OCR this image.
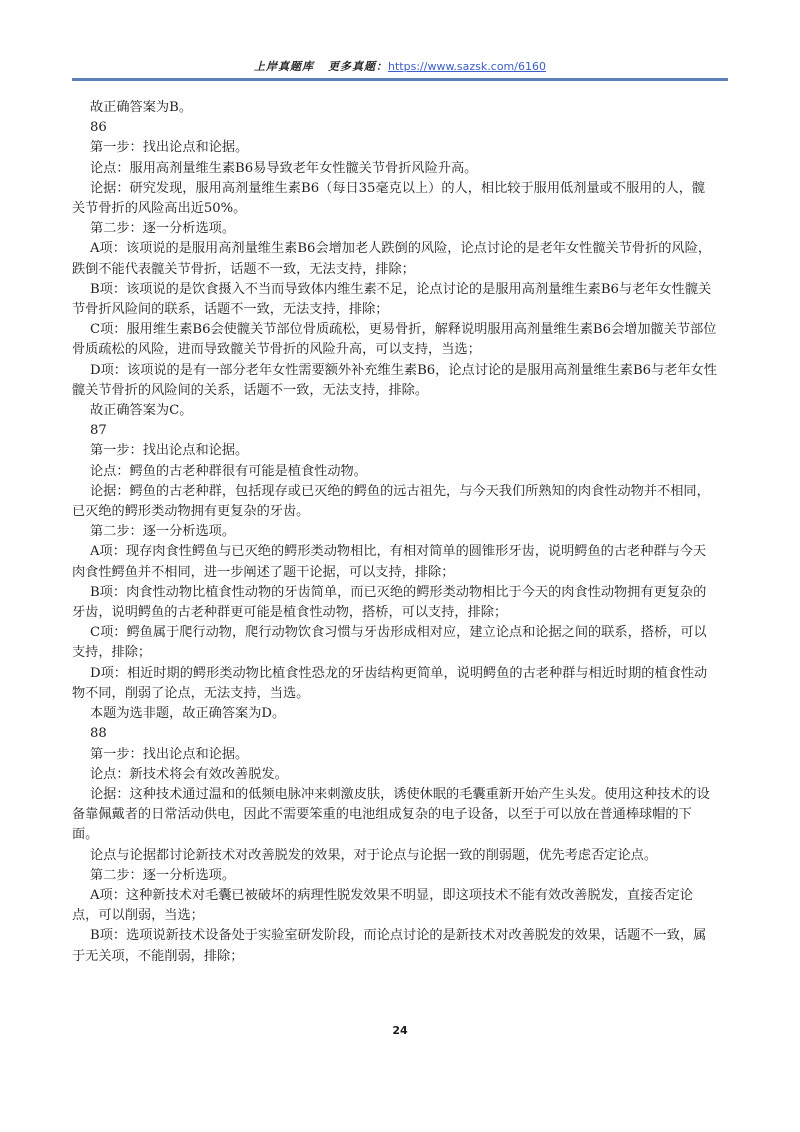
上岸真题库 更多真题：https://www.sazsk.com/6160

故正确答案为B。

86

第一步：找出论点和论据。

论点：服用高剂量维生素B6易导致老年女性髋关节骨折风险升高。

论据：研究发现，服用高剂量维生素B6（每日35毫克以上）的人，相比较于服用低剂量或不服用的人，髋关节骨折的风险高出近50%。

第二步：逐一分析选项。

A项：该项说的是服用高剂量维生素B6会增加老人跌倒的风险，论点讨论的是老年女性髋关节骨折的风险，跌倒不能代表髋关节骨折，话题不一致，无法支持，排除；

B项：该项说的是饮食摄入不当而导致体内维生素不足，论点讨论的是服用高剂量维生素B6与老年女性髋关节骨折风险间的联系，话题不一致，无法支持，排除；

C项：服用维生素B6会使髋关节部位骨质疏松，更易骨折，解释说明服用高剂量维生素B6会增加髋关节部位骨质疏松的风险，进而导致髋关节骨折的风险升高，可以支持，当选；

D项：该项说的是有一部分老年女性需要额外补充维生素B6，论点讨论的是服用高剂量维生素B6与老年女性髋关节骨折的风险间的关系，话题不一致，无法支持，排除。

故正确答案为C。

87

第一步：找出论点和论据。

论点：鳄鱼的古老种群很有可能是植食性动物。

论据：鳄鱼的古老种群，包括现存或已灭绝的鳄鱼的远古祖先，与今天我们所熟知的肉食性动物并不相同，已灭绝的鳄形类动物拥有更复杂的牙齿。

第二步：逐一分析选项。

A项：现存肉食性鳄鱼与已灭绝的鳄形类动物相比，有相对简单的圆锥形牙齿，说明鳄鱼的古老种群与今天肉食性鳄鱼并不相同，进一步阐述了题干论据，可以支持，排除；

B项：肉食性动物比植食性动物的牙齿简单，而已灭绝的鳄形类动物相比于今天的肉食性动物拥有更复杂的牙齿，说明鳄鱼的古老种群更可能是植食性动物，搭桥，可以支持，排除；

C项：鳄鱼属于爬行动物，爬行动物饮食习惯与牙齿形成相对应，建立论点和论据之间的联系，搭桥，可以支持，排除；

D项：相近时期的鳄形类动物比植食性恐龙的牙齿结构更简单，说明鳄鱼的古老种群与相近时期的植食性动物不同，削弱了论点，无法支持，当选。

本题为选非题，故正确答案为D。

88

第一步：找出论点和论据。

论点：新技术将会有效改善脱发。

论据：这种技术通过温和的低频电脉冲来刺激皮肤，诱使休眠的毛囊重新开始产生头发。使用这种技术的设备靠佩戴者的日常活动供电，因此不需要笨重的电池组成复杂的电子设备，以至于可以放在普通棒球帽的下面。

论点与论据都讨论新技术对改善脱发的效果，对于论点与论据一致的削弱题，优先考虑否定论点。

第二步：逐一分析选项。

A项：这种新技术对毛囊已被破坏的病理性脱发效果不明显，即这项技术不能有效改善脱发，直接否定论点，可以削弱，当选；

B项：选项说新技术设备处于实验室研发阶段，而论点讨论的是新技术对改善脱发的效果，话题不一致，属于无关项，不能削弱，排除；

24
